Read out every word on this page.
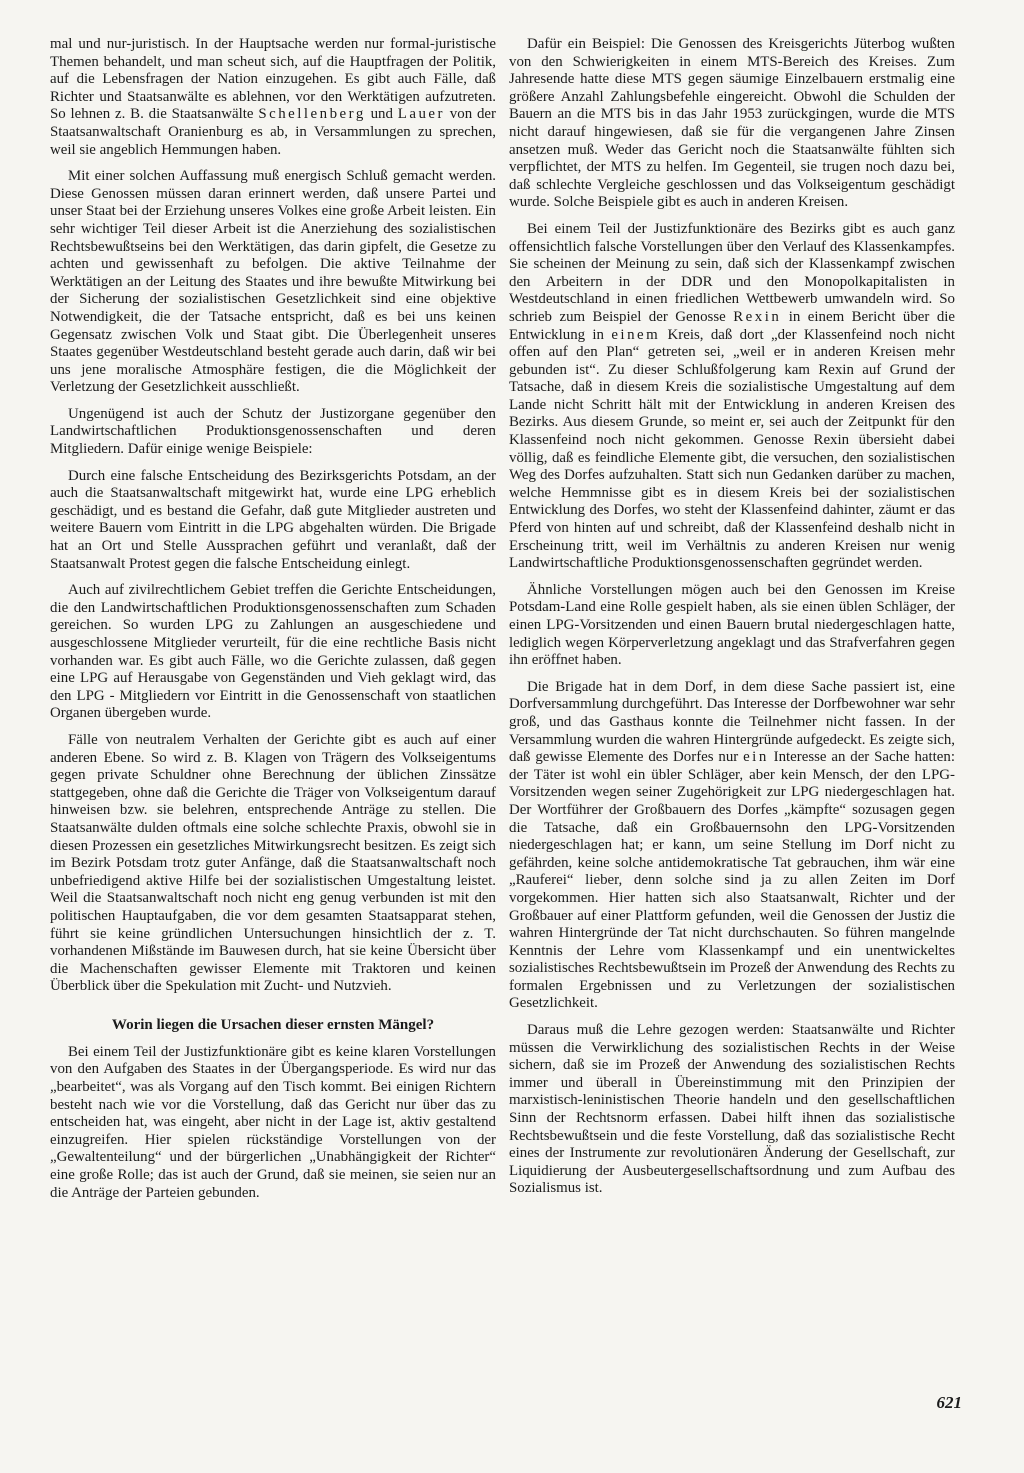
mal und nur-juristisch. In der Hauptsache werden nur formal-juristische Themen behandelt, und man scheut sich, auf die Hauptfragen der Politik, auf die Lebensfragen der Nation einzugehen. Es gibt auch Fälle, daß Richter und Staatsanwälte es ablehnen, vor den Werktätigen aufzutreten. So lehnen z. B. die Staatsanwälte Schellenberg und Lauer von der Staatsanwaltschaft Oranienburg es ab, in Versammlungen zu sprechen, weil sie angeblich Hemmungen haben.

Mit einer solchen Auffassung muß energisch Schluß gemacht werden. Diese Genossen müssen daran erinnert werden, daß unsere Partei und unser Staat bei der Erziehung unseres Volkes eine große Arbeit leisten. Ein sehr wichtiger Teil dieser Arbeit ist die Anerziehung des sozialistischen Rechtsbewußtseins bei den Werktätigen, das darin gipfelt, die Gesetze zu achten und gewissenhaft zu befolgen. Die aktive Teilnahme der Werktätigen an der Leitung des Staates und ihre bewußte Mitwirkung bei der Sicherung der sozialistischen Gesetzlichkeit sind eine objektive Notwendigkeit, die der Tatsache entspricht, daß es bei uns keinen Gegensatz zwischen Volk und Staat gibt. Die Überlegenheit unseres Staates gegenüber Westdeutschland besteht gerade auch darin, daß wir bei uns jene moralische Atmosphäre festigen, die die Möglichkeit der Verletzung der Gesetzlichkeit ausschließt.

Ungenügend ist auch der Schutz der Justizorgane gegenüber den Landwirtschaftlichen Produktionsgenossenschaften und deren Mitgliedern. Dafür einige wenige Beispiele:

Durch eine falsche Entscheidung des Bezirksgerichts Potsdam, an der auch die Staatsanwaltschaft mitgewirkt hat, wurde eine LPG erheblich geschädigt, und es bestand die Gefahr, daß gute Mitglieder austreten und weitere Bauern vom Eintritt in die LPG abgehalten würden. Die Brigade hat an Ort und Stelle Aussprachen geführt und veranlaßt, daß der Staatsanwalt Protest gegen die falsche Entscheidung einlegt.

Auch auf zivilrechtlichem Gebiet treffen die Gerichte Entscheidungen, die den Landwirtschaftlichen Produktionsgenossenschaften zum Schaden gereichen. So wurden LPG zu Zahlungen an ausgeschiedene und ausgeschlossene Mitglieder verurteilt, für die eine rechtliche Basis nicht vorhanden war. Es gibt auch Fälle, wo die Gerichte zulassen, daß gegen eine LPG auf Herausgabe von Gegenständen und Vieh geklagt wird, das den LPG - Mitgliedern vor Eintritt in die Genossenschaft von staatlichen Organen übergeben wurde.

Fälle von neutralem Verhalten der Gerichte gibt es auch auf einer anderen Ebene. So wird z. B. Klagen von Trägern des Volkseigentums gegen private Schuldner ohne Berechnung der üblichen Zinssätze stattgegeben, ohne daß die Gerichte die Träger von Volkseigentum darauf hinweisen bzw. sie belehren, entsprechende Anträge zu stellen. Die Staatsanwälte dulden oftmals eine solche schlechte Praxis, obwohl sie in diesen Prozessen ein gesetzliches Mitwirkungsrecht besitzen. Es zeigt sich im Bezirk Potsdam trotz guter Anfänge, daß die Staatsanwaltschaft noch unbefriedigend aktive Hilfe bei der sozialistischen Umgestaltung leistet. Weil die Staatsanwaltschaft noch nicht eng genug verbunden ist mit den politischen Hauptaufgaben, die vor dem gesamten Staatsapparat stehen, führt sie keine gründlichen Untersuchungen hinsichtlich der z. T. vorhandenen Mißstände im Bauwesen durch, hat sie keine Übersicht über die Machenschaften gewisser Elemente mit Traktoren und keinen Überblick über die Spekulation mit Zucht- und Nutzvieh.

Worin liegen die Ursachen dieser ernsten Mängel?

Bei einem Teil der Justizfunktionäre gibt es keine klaren Vorstellungen von den Aufgaben des Staates in der Übergangsperiode. Es wird nur das „bearbeitet“, was als Vorgang auf den Tisch kommt. Bei einigen Richtern besteht nach wie vor die Vorstellung, daß das Gericht nur über das zu entscheiden hat, was eingeht, aber nicht in der Lage ist, aktiv gestaltend einzugreifen. Hier spielen rückständige Vorstellungen von der „Gewaltenteilung“ und der bürgerlichen „Unabhängigkeit der Richter“ eine große Rolle; das ist auch der Grund, daß sie meinen, sie seien nur an die Anträge der Parteien gebunden.

Dafür ein Beispiel: Die Genossen des Kreisgerichts Jüterbog wußten von den Schwierigkeiten in einem MTS-Bereich des Kreises. Zum Jahresende hatte diese MTS gegen säumige Einzelbauern erstmalig eine größere Anzahl Zahlungsbefehle eingereicht. Obwohl die Schulden der Bauern an die MTS bis in das Jahr 1953 zurückgingen, wurde die MTS nicht darauf hingewiesen, daß sie für die vergangenen Jahre Zinsen ansetzen muß. Weder das Gericht noch die Staatsanwälte fühlten sich verpflichtet, der MTS zu helfen. Im Gegenteil, sie trugen noch dazu bei, daß schlechte Vergleiche geschlossen und das Volkseigentum geschädigt wurde. Solche Beispiele gibt es auch in anderen Kreisen.

Bei einem Teil der Justizfunktionäre des Bezirks gibt es auch ganz offensichtlich falsche Vorstellungen über den Verlauf des Klassenkampfes. Sie scheinen der Meinung zu sein, daß sich der Klassenkampf zwischen den Arbeitern in der DDR und den Monopolkapitalisten in Westdeutschland in einen friedlichen Wettbewerb umwandeln wird. So schrieb zum Beispiel der Genosse Rexin in einem Bericht über die Entwicklung in einem Kreis, daß dort „der Klassenfeind noch nicht offen auf den Plan“ getreten sei, „weil er in anderen Kreisen mehr gebunden ist“. Zu dieser Schlußfolgerung kam Rexin auf Grund der Tatsache, daß in diesem Kreis die sozialistische Umgestaltung auf dem Lande nicht Schritt hält mit der Entwicklung in anderen Kreisen des Bezirks. Aus diesem Grunde, so meint er, sei auch der Zeitpunkt für den Klassenfeind noch nicht gekommen. Genosse Rexin übersieht dabei völlig, daß es feindliche Elemente gibt, die versuchen, den sozialistischen Weg des Dorfes aufzuhalten. Statt sich nun Gedanken darüber zu machen, welche Hemmnisse gibt es in diesem Kreis bei der sozialistischen Entwicklung des Dorfes, wo steht der Klassenfeind dahinter, zäumt er das Pferd von hinten auf und schreibt, daß der Klassenfeind deshalb nicht in Erscheinung tritt, weil im Verhältnis zu anderen Kreisen nur wenig Landwirtschaftliche Produktionsgenossenschaften gegründet werden.

Ähnliche Vorstellungen mögen auch bei den Genossen im Kreise Potsdam-Land eine Rolle gespielt haben, als sie einen üblen Schläger, der einen LPG-Vorsitzenden und einen Bauern brutal niedergeschlagen hatte, lediglich wegen Körperverletzung angeklagt und das Strafverfahren gegen ihn eröffnet haben.

Die Brigade hat in dem Dorf, in dem diese Sache passiert ist, eine Dorfversammlung durchgeführt. Das Interesse der Dorfbewohner war sehr groß, und das Gasthaus konnte die Teilnehmer nicht fassen. In der Versammlung wurden die wahren Hintergründe aufgedeckt. Es zeigte sich, daß gewisse Elemente des Dorfes nur ein Interesse an der Sache hatten: der Täter ist wohl ein übler Schläger, aber kein Mensch, der den LPG-Vorsitzenden wegen seiner Zugehörigkeit zur LPG niedergeschlagen hat. Der Wortführer der Großbauern des Dorfes „kämpfte“ sozusagen gegen die Tatsache, daß ein Großbauernsohn den LPG-Vorsitzenden niedergeschlagen hat; er kann, um seine Stellung im Dorf nicht zu gefährden, keine solche antidemokratische Tat gebrauchen, ihm wär eine „Rauferei“ lieber, denn solche sind ja zu allen Zeiten im Dorf vorgekommen. Hier hatten sich also Staatsanwalt, Richter und der Großbauer auf einer Plattform gefunden, weil die Genossen der Justiz die wahren Hintergründe der Tat nicht durchschauten. So führen mangelnde Kenntnis der Lehre vom Klassenkampf und ein unentwickeltes sozialistisches Rechtsbewußtsein im Prozeß der Anwendung des Rechts zu formalen Ergebnissen und zu Verletzungen der sozialistischen Gesetzlichkeit.

Daraus muß die Lehre gezogen werden: Staatsanwälte und Richter müssen die Verwirklichung des sozialistischen Rechts in der Weise sichern, daß sie im Prozeß der Anwendung des sozialistischen Rechts immer und überall in Übereinstimmung mit den Prinzipien der marxistisch-leninistischen Theorie handeln und den gesellschaftlichen Sinn der Rechtsnorm erfassen. Dabei hilft ihnen das sozialistische Rechtsbewußtsein und die feste Vorstellung, daß das sozialistische Recht eines der Instrumente zur revolutionären Änderung der Gesellschaft, zur Liquidierung der Ausbeutergesellschaftsordnung und zum Aufbau des Sozialismus ist.

621
